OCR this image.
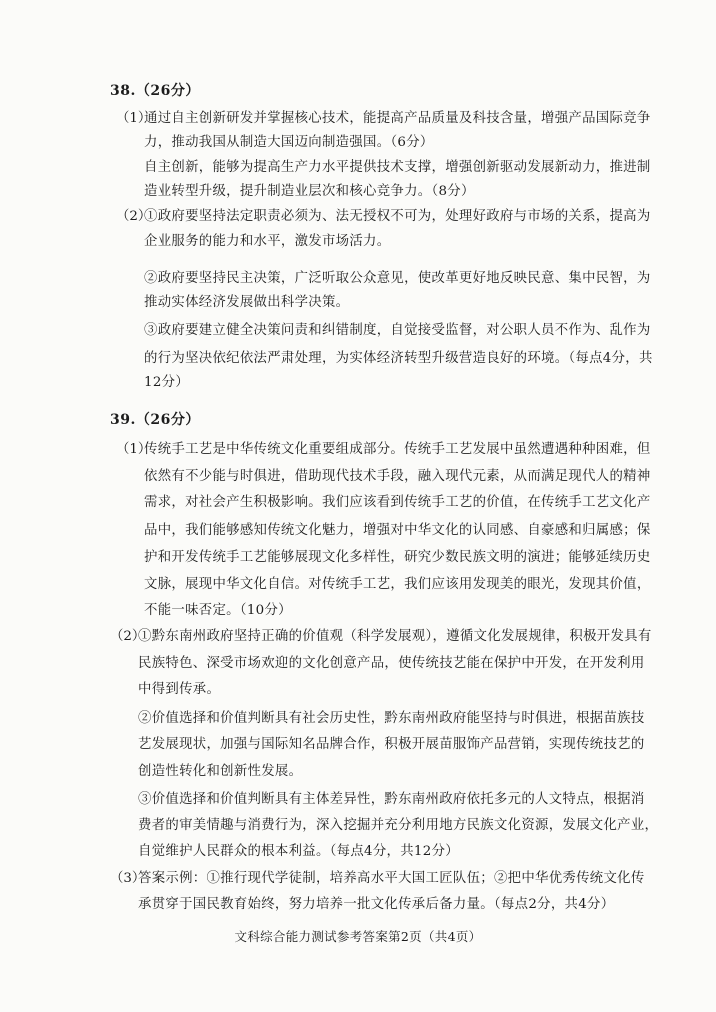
38.（26分）
（1）
通过自主创新研发并掌握核心技术，能提高产品质量及科技含量，增强产品国际竞争
力，推动我国从制造大国迈向制造强国。（6分）
自主创新，能够为提高生产力水平提供技术支撑，增强创新驱动发展新动力，推进制
造业转型升级，提升制造业层次和核心竞争力。（8分）
（2）
①政府要坚持法定职责必须为、法无授权不可为，处理好政府与市场的关系，提高为
企业服务的能力和水平，激发市场活力。
②政府要坚持民主决策，广泛听取公众意见，使改革更好地反映民意、集中民智，为
推动实体经济发展做出科学决策。
③政府要建立健全决策问责和纠错制度，自觉接受监督，对公职人员不作为、乱作为
的行为坚决依纪依法严肃处理，为实体经济转型升级营造良好的环境。（每点4分，共
12分）
39.（26分）
（1）
传统手工艺是中华传统文化重要组成部分。传统手工艺发展中虽然遭遇种种困难，但
依然有不少能与时俱进，借助现代技术手段，融入现代元素，从而满足现代人的精神
需求，对社会产生积极影响。我们应该看到传统手工艺的价值，在传统手工艺文化产
品中，我们能够感知传统文化魅力，增强对中华文化的认同感、自豪感和归属感；保
护和开发传统手工艺能够展现文化多样性，研究少数民族文明的演进；能够延续历史
文脉，展现中华文化自信。对传统手工艺，我们应该用发现美的眼光，发现其价值，
不能一味否定。（10分）
（2）
①黔东南州政府坚持正确的价值观（科学发展观），遵循文化发展规律，积极开发具有
民族特色、深受市场欢迎的文化创意产品，使传统技艺能在保护中开发，在开发利用
中得到传承。
②价值选择和价值判断具有社会历史性，黔东南州政府能坚持与时俱进，根据苗族技
艺发展现状，加强与国际知名品牌合作，积极开展苗服饰产品营销，实现传统技艺的
创造性转化和创新性发展。
③价值选择和价值判断具有主体差异性，黔东南州政府依托多元的人文特点，根据消
费者的审美情趣与消费行为，深入挖掘并充分利用地方民族文化资源，发展文化产业，
自觉维护人民群众的根本利益。（每点4分，共12分）
（3）
答案示例：①推行现代学徒制，培养高水平大国工匠队伍；②把中华优秀传统文化传
承贯穿于国民教育始终，努力培养一批文化传承后备力量。（每点2分，共4分）
文科综合能力测试参考答案第2页（共4页）
